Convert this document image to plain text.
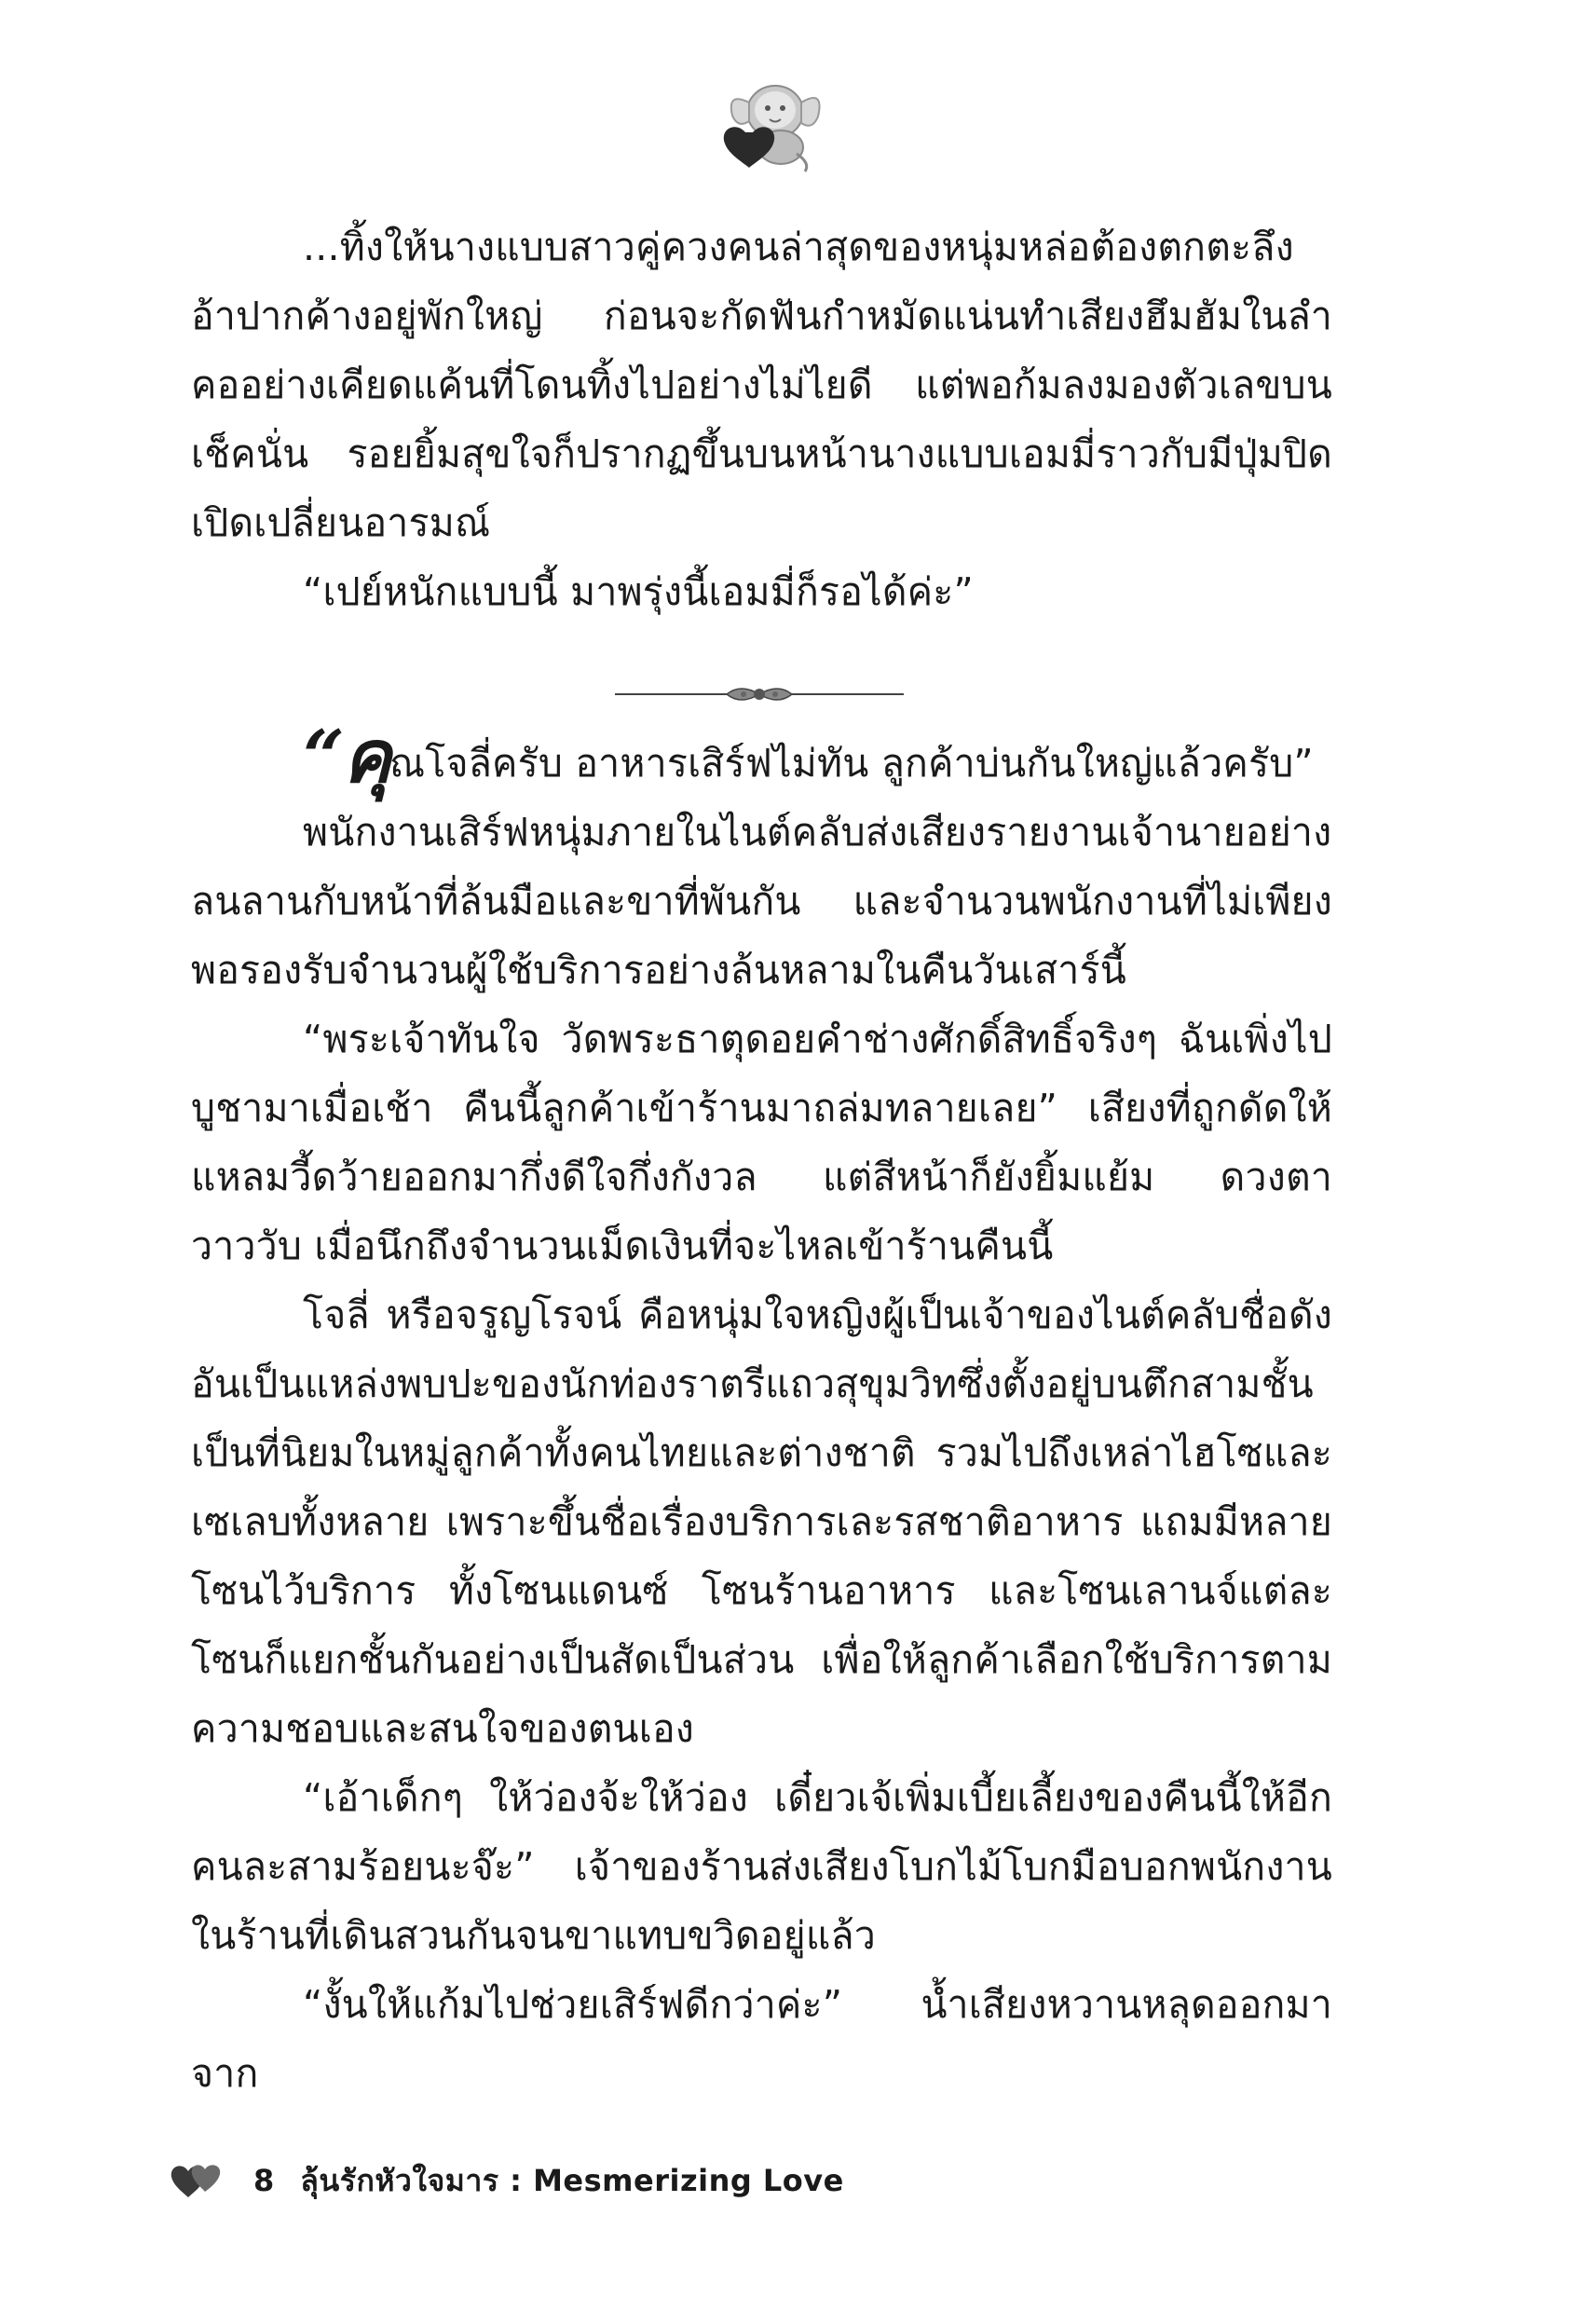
...ทิ้งให้นางแบบสาวคู่ควงคนล่าสุดของหนุ่มหล่อต้องตกตะลึงอ้าปากค้างอยู่พักใหญ่ ก่อนจะกัดฟันกำหมัดแน่นทำเสียงฮึมฮัมในลำคออย่างเคียดแค้นที่โดนทิ้งไปอย่างไม่ไยดี แต่พอก้มลงมองตัวเลขบนเช็คนั่น รอยยิ้มสุขใจก็ปรากฏขึ้นบนหน้านางแบบเอมมี่ราวกับมีปุ่มปิดเปิดเปลี่ยนอารมณ์

“เปย์หนักแบบนี้ มาพรุ่งนี้เอมมี่ก็รอได้ค่ะ”

“คุณโจลี่ครับ อาหารเสิร์ฟไม่ทัน ลูกค้าบ่นกันใหญ่แล้วครับ”

พนักงานเสิร์ฟหนุ่มภายในไนต์คลับส่งเสียงรายงานเจ้านายอย่างลนลานกับหน้าที่ล้นมือและขาที่พันกัน และจำนวนพนักงานที่ไม่เพียงพอรองรับจำนวนผู้ใช้บริการอย่างล้นหลามในคืนวันเสาร์นี้

“พระเจ้าทันใจ วัดพระธาตุดอยคำช่างศักดิ์สิทธิ์จริงๆ ฉันเพิ่งไปบูชามาเมื่อเช้า คืนนี้ลูกค้าเข้าร้านมาถล่มทลายเลย” เสียงที่ถูกดัดให้แหลมวี้ดว้ายออกมากึ่งดีใจกึ่งกังวล แต่สีหน้าก็ยังยิ้มแย้ม ดวงตาวาววับ เมื่อนึกถึงจำนวนเม็ดเงินที่จะไหลเข้าร้านคืนนี้

โจลี่ หรือจรูญโรจน์ คือหนุ่มใจหญิงผู้เป็นเจ้าของไนต์คลับชื่อดังอันเป็นแหล่งพบปะของนักท่องราตรีแถวสุขุมวิทซึ่งตั้งอยู่บนตึกสามชั้นเป็นที่นิยมในหมู่ลูกค้าทั้งคนไทยและต่างชาติ รวมไปถึงเหล่าไฮโซและเซเลบทั้งหลาย เพราะขึ้นชื่อเรื่องบริการเละรสชาติอาหาร แถมมีหลายโซนไว้บริการ ทั้งโซนแดนซ์ โซนร้านอาหาร และโซนเลานจ์แต่ละโซนก็แยกชั้นกันอย่างเป็นสัดเป็นส่วน เพื่อให้ลูกค้าเลือกใช้บริการตามความชอบและสนใจของตนเอง

“เอ้าเด็กๆ ให้ว่องจ้ะให้ว่อง เดี๋ยวเจ้เพิ่มเบี้ยเลี้ยงของคืนนี้ให้อีกคนละสามร้อยนะจ๊ะ” เจ้าของร้านส่งเสียงโบกไม้โบกมือบอกพนักงานในร้านที่เดินสวนกันจนขาแทบขวิดอยู่แล้ว

“งั้นให้แก้มไปช่วยเสิร์ฟดีกว่าค่ะ” น้ำเสียงหวานหลุดออกมาจาก

8 ลุ้นรักหัวใจมาร : Mesmerizing Love
